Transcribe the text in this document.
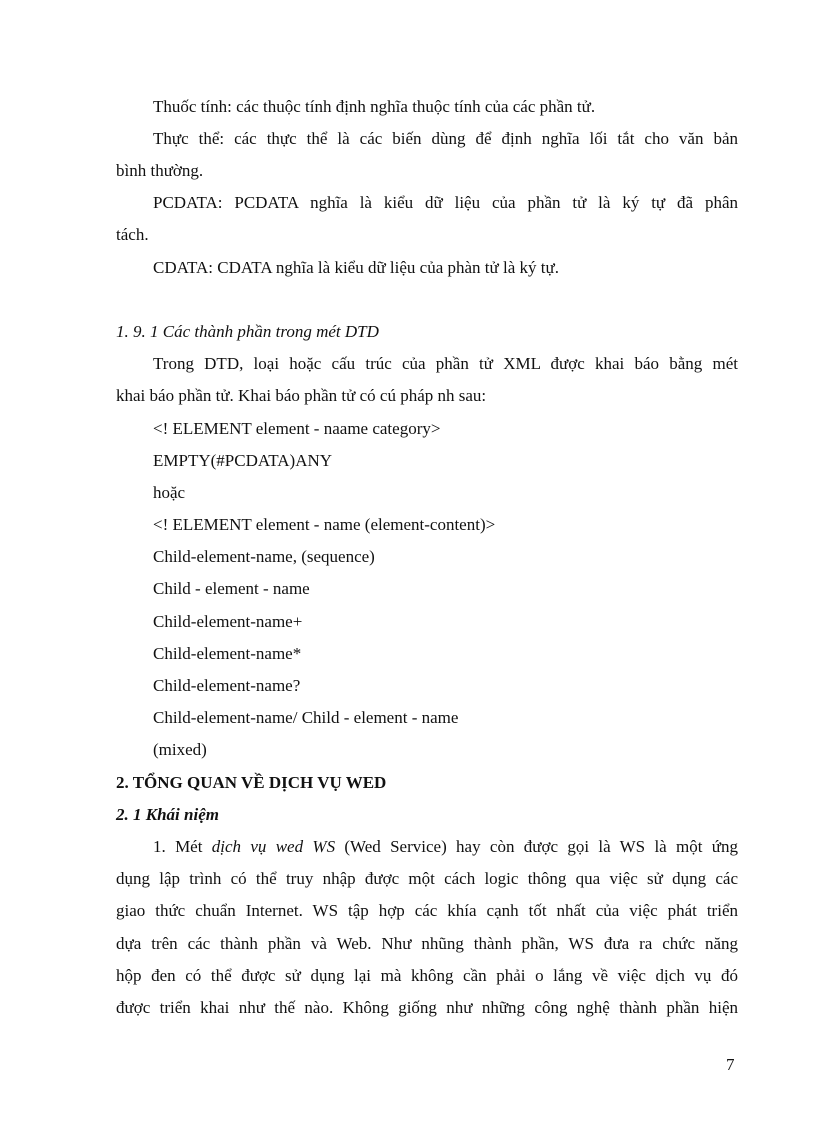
Thuốc tính: các thuộc tính định nghĩa thuộc tính của các phần tử.
Thực thể: các thực thể là các biến dùng để định nghĩa lối tắt cho văn bản
bình thường.
PCDATA: PCDATA nghĩa là kiểu dữ liệu của phần tử là ký tự đã phân
tách.
CDATA: CDATA nghĩa là kiểu dữ liệu của phàn tử là ký tự.
1. 9. 1 Các thành phần trong mét DTD
Trong DTD, loại hoặc cấu trúc của phần tử XML được khai báo bằng mét
khai báo phần tử. Khai báo phần tử có cú pháp nh sau:
<! ELEMENT element - naame category>
EMPTY(#PCDATA)ANY
hoặc
<! ELEMENT element - name (element-content)>
Child-element-name, (sequence)
Child - element - name
Child-element-name+
Child-element-name*
Child-element-name?
Child-element-name/ Child - element - name
(mixed)
2. TỔNG QUAN VỀ DỊCH VỤ WED
2. 1 Khái niệm
1. Mét dịch vụ wed WS (Wed Service) hay còn được gọi là WS là một ứng
dụng lập trình có thể truy nhập được một cách logic thông qua việc sử dụng các
giao thức chuẩn Internet. WS tập hợp các khía cạnh tốt nhất của việc phát triển
dựa trên các thành phần và Web. Như nhũng thành phần, WS đưa ra chức năng
hộp đen có thể được sử dụng lại mà không cần phải o lắng về việc dịch vụ đó
được triển khai như thế nào. Không giống như những công nghệ thành phần hiện
7
